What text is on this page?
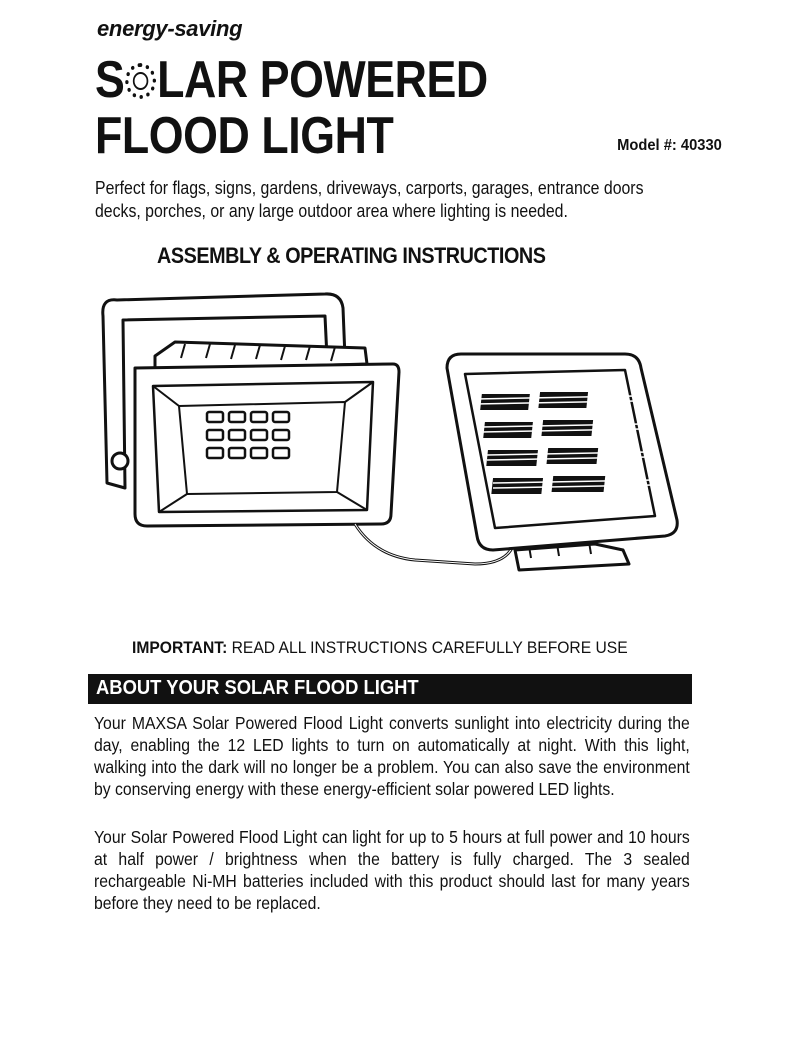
energy-saving
S LAR POWERED
FLOOD LIGHT	Model #: 40330

Perfect for flags, signs, gardens, driveways, carports, garages, entrance doors decks, porches, or any large outdoor area where lighting is needed.

ASSEMBLY & OPERATING INSTRUCTIONS
IMPORTANT: READ ALL INSTRUCTIONS CAREFULLY BEFORE USE
ABOUT YOUR SOLAR FLOOD LIGHT

Your MAXSA Solar Powered Flood Light converts sunlight into electricity during the day, enabling the 12 LED lights to turn on automatically at night. With this light, walking into the dark will no longer be a problem. You can also save the environment by conserving energy with these energy-efficient solar powered LED lights.

Your Solar Powered Flood Light can light for up to 5 hours at full power and 10 hours at half power / brightness when the battery is fully charged. The 3 sealed rechargeable Ni-MH batteries included with this product should last for many years before they need to be replaced.
